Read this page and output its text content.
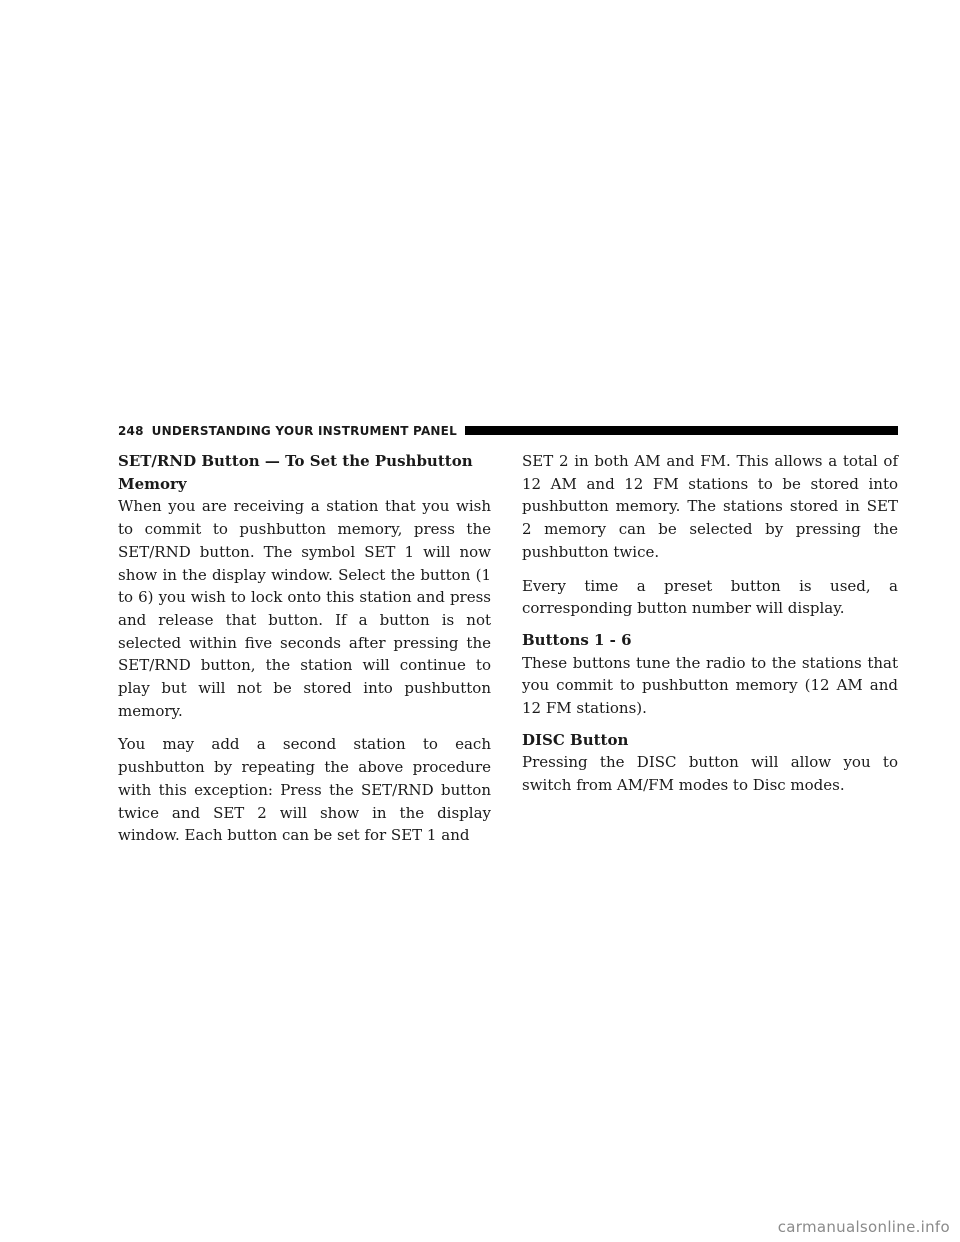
248 UNDERSTANDING YOUR INSTRUMENT PANEL

SET/RND Button — To Set the Pushbutton Memory

When you are receiving a station that you wish to commit to pushbutton memory, press the SET/RND button. The symbol SET 1 will now show in the display window. Select the button (1 to 6) you wish to lock onto this station and press and release that button. If a button is not selected within five seconds after pressing the SET/RND button, the station will continue to play but will not be stored into pushbutton memory.

You may add a second station to each pushbutton by repeating the above procedure with this exception: Press the SET/RND button twice and SET 2 will show in the display window. Each button can be set for SET 1 and

SET 2 in both AM and FM. This allows a total of 12 AM and 12 FM stations to be stored into pushbutton memory. The stations stored in SET 2 memory can be selected by pressing the pushbutton twice.

Every time a preset button is used, a corresponding button number will display.

Buttons 1 - 6

These buttons tune the radio to the stations that you commit to pushbutton memory (12 AM and 12 FM stations).

DISC Button

Pressing the DISC button will allow you to switch from AM/FM modes to Disc modes.

carmanualsonline.info
